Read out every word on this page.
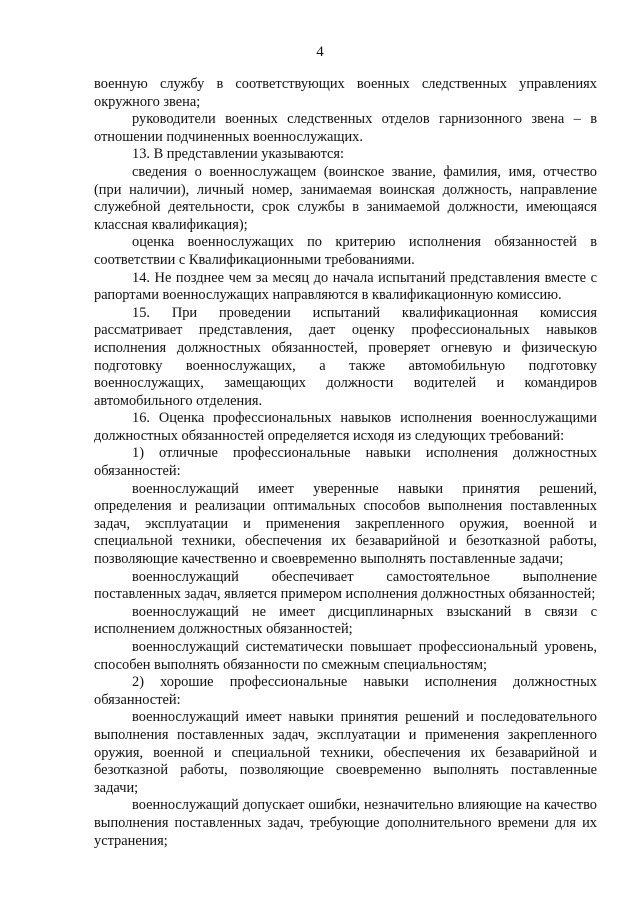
4

военную службу в соответствующих военных следственных управлениях окружного звена;

руководители военных следственных отделов гарнизонного звена – в отношении подчиненных военнослужащих.

13. В представлении указываются:

сведения о военнослужащем (воинское звание, фамилия, имя, отчество (при наличии), личный номер, занимаемая воинская должность, направление служебной деятельности, срок службы в занимаемой должности, имеющаяся классная квалификация);

оценка военнослужащих по критерию исполнения обязанностей в соответствии с Квалификационными требованиями.

14. Не позднее чем за месяц до начала испытаний представления вместе с рапортами военнослужащих направляются в квалификационную комиссию.

15. При проведении испытаний квалификационная комиссия рассматривает представления, дает оценку профессиональных навыков исполнения должностных обязанностей, проверяет огневую и физическую подготовку военнослужащих, а также автомобильную подготовку военнослужащих, замещающих должности водителей и командиров автомобильного отделения.

16. Оценка профессиональных навыков исполнения военнослужащими должностных обязанностей определяется исходя из следующих требований:

1) отличные профессиональные навыки исполнения должностных обязанностей:

военнослужащий имеет уверенные навыки принятия решений, определения и реализации оптимальных способов выполнения поставленных задач, эксплуатации и применения закрепленного оружия, военной и специальной техники, обеспечения их безаварийной и безотказной работы, позволяющие качественно и своевременно выполнять поставленные задачи;

военнослужащий обеспечивает самостоятельное выполнение поставленных задач, является примером исполнения должностных обязанностей;

военнослужащий не имеет дисциплинарных взысканий в связи с исполнением должностных обязанностей;

военнослужащий систематически повышает профессиональный уровень, способен выполнять обязанности по смежным специальностям;

2) хорошие профессиональные навыки исполнения должностных обязанностей:

военнослужащий имеет навыки принятия решений и последовательного выполнения поставленных задач, эксплуатации и применения закрепленного оружия, военной и специальной техники, обеспечения их безаварийной и безотказной работы, позволяющие своевременно выполнять поставленные задачи;

военнослужащий допускает ошибки, незначительно влияющие на качество выполнения поставленных задач, требующие дополнительного времени для их устранения;
